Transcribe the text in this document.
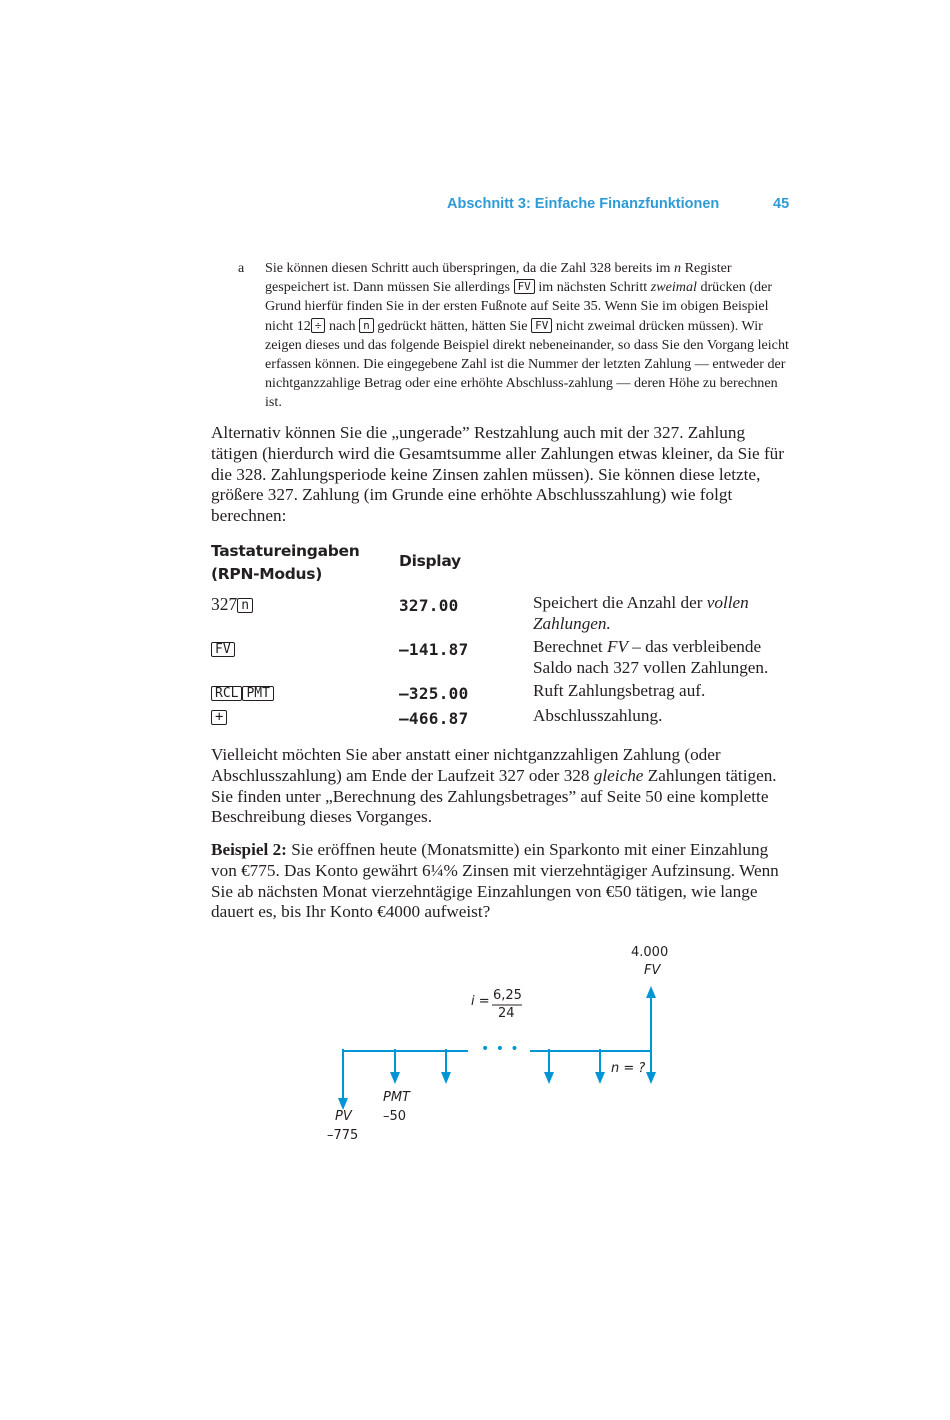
Abschnitt 3: Einfache Finanzfunktionen	45
a Sie können diesen Schritt auch überspringen, da die Zahl 328 bereits im n Register gespeichert ist. Dann müssen Sie allerdings FV im nächsten Schritt zweimal drücken (der Grund hierfür finden Sie in der ersten Fußnote auf Seite 35. Wenn Sie im obigen Beispiel nicht 12 ÷ nach n gedrückt hätten, hätten Sie FV nicht zweimal drücken müssen). Wir zeigen dieses und das folgende Beispiel direkt nebeneinander, so dass Sie den Vorgang leicht erfassen können. Die eingegebene Zahl ist die Nummer der letzten Zahlung — entweder der nichtganzzahlige Betrag oder eine erhöhte Abschluss-zahlung — deren Höhe zu berechnen ist.
Alternativ können Sie die „ungerade” Restzahlung auch mit der 327. Zahlung tätigen (hierdurch wird die Gesamtsumme aller Zahlungen etwas kleiner, da Sie für die 328. Zahlungsperiode keine Zinsen zahlen müssen). Sie können diese letzte, größere 327. Zahlung (im Grunde eine erhöhte Abschlusszahlung) wie folgt berechnen:
Tastatureingaben
(RPN-Modus)
Display
327 n	327.00	Speichert die Anzahl der vollen Zahlungen.
FV	–141.87	Berechnet FV – das verbleibende Saldo nach 327 vollen Zahlungen.
RCL PMT	–325.00	Ruft Zahlungsbetrag auf.
+	–466.87	Abschlusszahlung.
Vielleicht möchten Sie aber anstatt einer nichtganzzahligen Zahlung (oder Abschlusszahlung) am Ende der Laufzeit 327 oder 328 gleiche Zahlungen tätigen. Sie finden unter „Berechnung des Zahlungsbetrages” auf Seite 50 eine komplette Beschreibung dieses Vorganges.
Beispiel 2: Sie eröffnen heute (Monatsmitte) ein Sparkonto mit einer Einzahlung von €775. Das Konto gewährt 6¼% Zinsen mit vierzehntägiger Aufzinsung. Wenn Sie ab nächsten Monat vierzehntägige Einzahlungen von €50 tätigen, wie lange dauert es, bis Ihr Konto €4000 aufweist?
4.000
FV
i = 6,25
24
• • •
n = ?
PMT
–50
PV
–775
